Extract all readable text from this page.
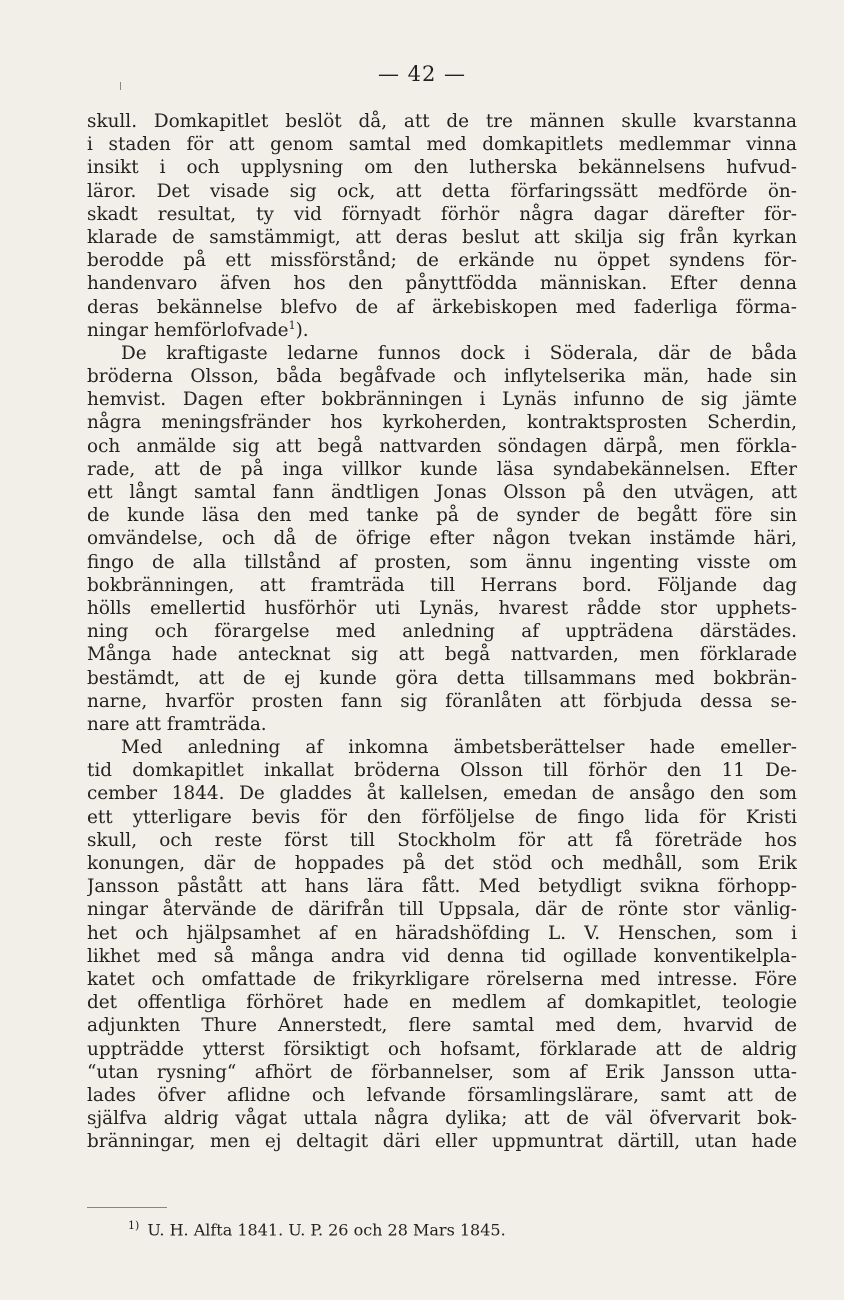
— 42 —
skull. Domkapitlet beslöt då, att de tre männen skulle kvarstanna
i staden för att genom samtal med domkapitlets medlemmar vinna
insikt i och upplysning om den lutherska bekännelsens hufvud-
läror. Det visade sig ock, att detta förfaringssätt medförde ön-
skadt resultat, ty vid förnyadt förhör några dagar därefter för-
klarade de samstämmigt, att deras beslut att skilja sig från kyrkan
berodde på ett missförstånd; de erkände nu öppet syndens för-
handenvaro äfven hos den pånyttfödda människan. Efter denna
deras bekännelse blefvo de af ärkebiskopen med faderliga förma-
ningar hemförlofvade$^1$).
De kraftigaste ledarne funnos dock i Söderala, där de båda
bröderna Olsson, båda begåfvade och inflytelserika män, hade sin
hemvist. Dagen efter bokbränningen i Lynäs infunno de sig jämte
några meningsfränder hos kyrkoherden, kontraktsprosten Scherdin,
och anmälde sig att begå nattvarden söndagen därpå, men förkla-
rade, att de på inga villkor kunde läsa syndabekännelsen. Efter
ett långt samtal fann ändtligen Jonas Olsson på den utvägen, att
de kunde läsa den med tanke på de synder de begått före sin
omvändelse, och då de öfrige efter någon tvekan instämde häri,
fingo de alla tillstånd af prosten, som ännu ingenting visste om
bokbränningen, att framträda till Herrans bord. Följande dag
hölls emellertid husförhör uti Lynäs, hvarest rådde stor upphets-
ning och förargelse med anledning af uppträdena därstädes.
Många hade antecknat sig att begå nattvarden, men förklarade
bestämdt, att de ej kunde göra detta tillsammans med bokbrän-
narne, hvarför prosten fann sig föranlåten att förbjuda dessa se-
nare att framträda.
Med anledning af inkomna ämbetsberättelser hade emeller-
tid domkapitlet inkallat bröderna Olsson till förhör den 11 De-
cember 1844. De gladdes åt kallelsen, emedan de ansågo den som
ett ytterligare bevis för den förföljelse de fingo lida för Kristi
skull, och reste först till Stockholm för att få företräde hos
konungen, där de hoppades på det stöd och medhåll, som Erik
Jansson påstått att hans lära fått. Med betydligt svikna förhopp-
ningar återvände de därifrån till Uppsala, där de rönte stor vänlig-
het och hjälpsamhet af en häradshöfding L. V. Henschen, som i
likhet med så många andra vid denna tid ogillade konventikelpla-
katet och omfattade de frikyrkligare rörelserna med intresse. Före
det offentliga förhöret hade en medlem af domkapitlet, teologie
adjunkten Thure Annerstedt, flere samtal med dem, hvarvid de
uppträdde ytterst försiktigt och hofsamt, förklarade att de aldrig
“utan rysning“ afhört de förbannelser, som af Erik Jansson utta-
lades öfver aflidne och lefvande församlingslärare, samt att de
själfva aldrig vågat uttala några dylika; att de väl öfvervarit bok-
bränningar, men ej deltagit däri eller uppmuntrat därtill, utan hade
$^{1)}$ U. H. Alfta 1841. U. P. 26 och 28 Mars 1845.
